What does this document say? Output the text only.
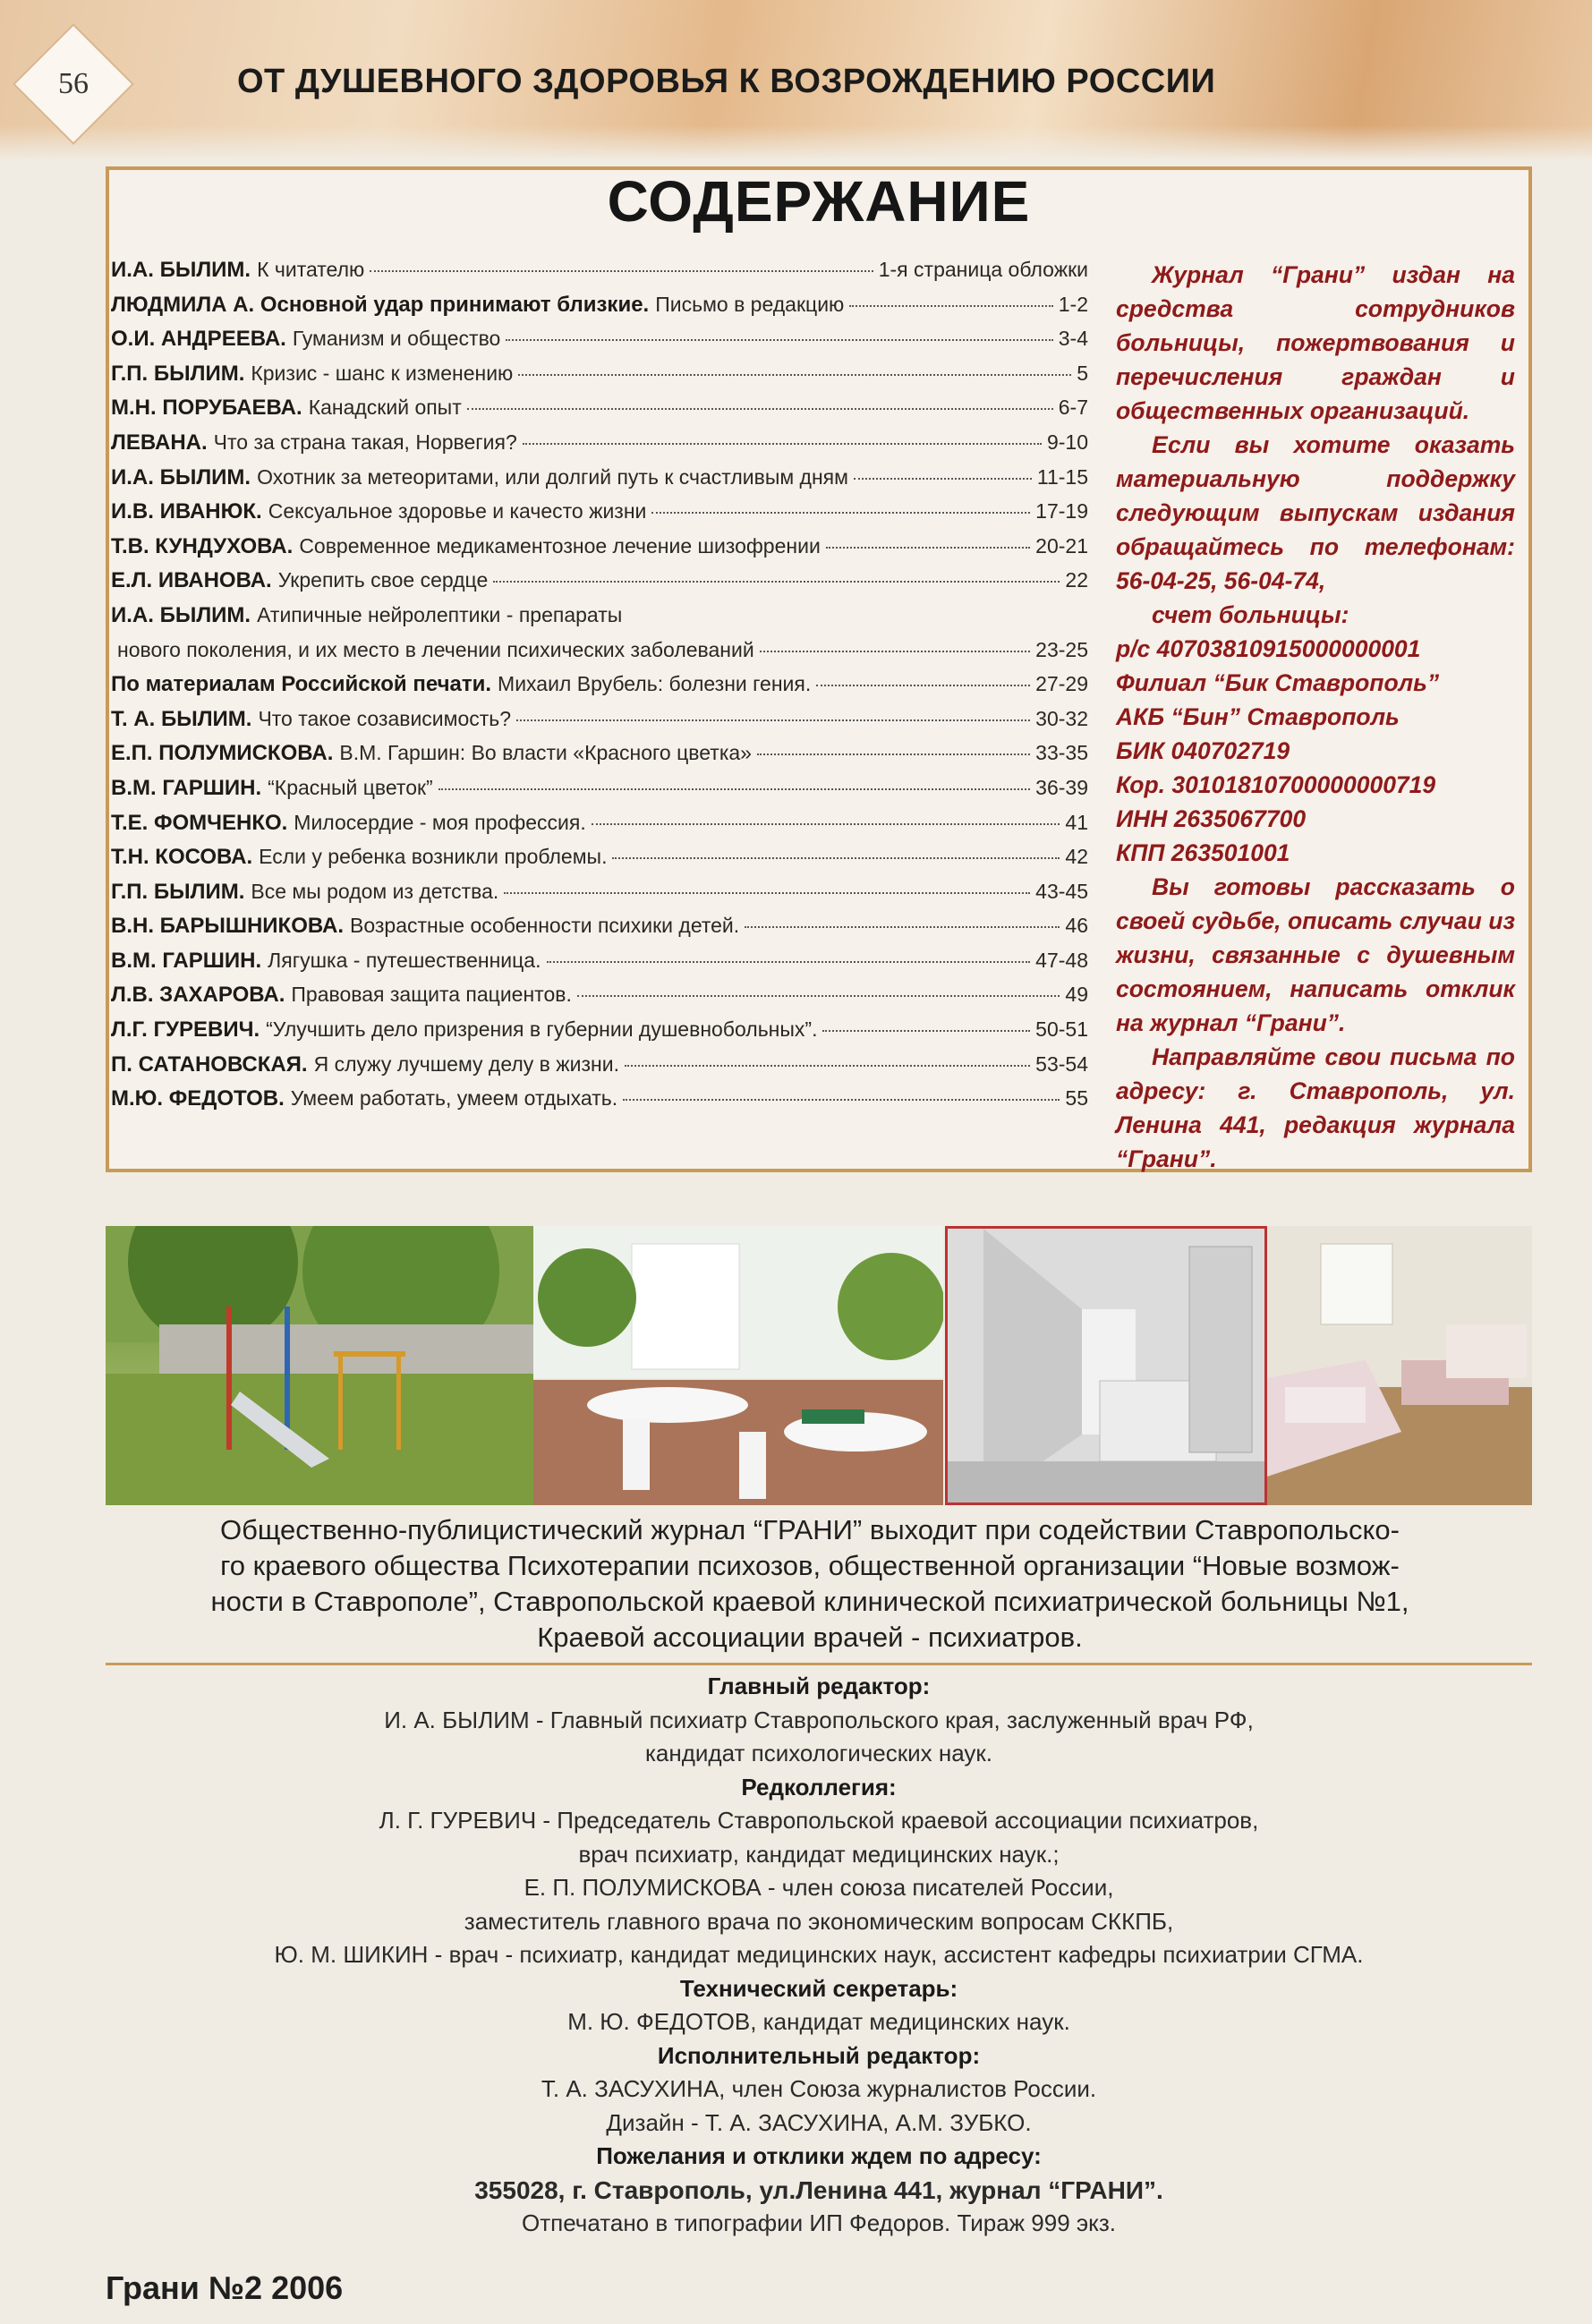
56	ОТ ДУШЕВНОГО ЗДОРОВЬЯ К ВОЗРОЖДЕНИЮ РОССИИ
СОДЕРЖАНИЕ
И.А. БЫЛИМ. К читателю	1-я страница обложки
ЛЮДМИЛА А. Основной удар принимают близкие. Письмо в редакцию	1-2
О.И. АНДРЕЕВА. Гуманизм и общество	3-4
Г.П. БЫЛИМ. Кризис - шанс к изменению	5
М.Н. ПОРУБАЕВА. Канадский опыт	6-7
ЛЕВАНА. Что за страна такая, Норвегия?	9-10
И.А. БЫЛИМ. Охотник за метеоритами, или долгий путь к счастливым дням	11-15
И.В. ИВАНЮК. Сексуальное здоровье и качесто жизни	17-19
Т.В. КУНДУХОВА. Современное медикаментозное лечение шизофрении	20-21
Е.Л. ИВАНОВА. Укрепить свое сердце	22
И.А. БЫЛИМ. Атипичные нейролептики - препараты
нового поколения, и их место в лечении психических заболеваний	23-25
По материалам Российской печати. Михаил Врубель: болезни гения.	27-29
Т. А. БЫЛИМ. Что такое созависимость?	30-32
Е.П. ПОЛУМИСКОВА. В.М. Гаршин: Во власти «Красного цветка»	33-35
В.М. ГАРШИН. “Красный цветок”	36-39
Т.Е. ФОМЧЕНКО. Милосердие - моя профессия.	41
Т.Н. КОСОВА. Если у ребенка возникли проблемы.	42
Г.П. БЫЛИМ. Все мы родом из детства.	43-45
В.Н. БАРЫШНИКОВА. Возрастные особенности психики детей.	46
В.М. ГАРШИН. Лягушка - путешественница.	47-48
Л.В. ЗАХАРОВА. Правовая защита пациентов.	49
Л.Г. ГУРЕВИЧ. “Улучшить дело призрения в губернии душевнобольных”.	50-51
П. САТАНОВСКАЯ. Я служу лучшему делу в жизни.	53-54
М.Ю. ФЕДОТОВ. Умеем работать, умеем отдыхать.	55

Журнал “Грани” издан на средства сотрудников больницы, пожертвования и перечисления граждан и общественных организаций.

Если вы хотите оказать материальную поддержку следующим выпускам издания обращайтесь по телефонам: 56-04-25, 56-04-74,

счет больницы:

р/с 40703810915000000001

Филиал “Бик Ставрополь”

АКБ “Бин” Ставрополь

БИК 040702719

Кор. 30101810700000000719

ИНН 2635067700

КПП 263501001

Вы готовы рассказать о своей судьбе, описать случаи из жизни, связанные с душевным состоянием, написать отклик на журнал “Грани”.

Направляйте свои письма по адресу: г. Ставрополь, ул. Ленина 441, редакция журнала “Грани”.

Общественно-публицистический журнал “ГРАНИ” выходит при содействии Ставропольско-
го краевого общества Психотерапии психозов, общественной организации “Новые возмож-
ности в Ставрополе”, Ставропольской краевой клинической психиатрической больницы №1,
Краевой ассоциации врачей - психиатров.
Главный редактор:
И. А. БЫЛИМ - Главный психиатр Ставропольского края, заслуженный врач РФ,
кандидат психологических наук.
Редколлегия:
Л. Г. ГУРЕВИЧ - Председатель Ставропольской краевой ассоциации психиатров,
врач психиатр, кандидат медицинских наук.;
Е. П. ПОЛУМИСКОВА - член союза писателей России,
заместитель главного врача по экономическим вопросам СККПБ,
Ю. М. ШИКИН - врач - психиатр, кандидат медицинских наук, ассистент кафедры психиатрии СГМА.
Технический секретарь:
М. Ю. ФЕДОТОВ, кандидат медицинских наук.
Исполнительный редактор:
Т. А. ЗАСУХИНА, член Союза журналистов России.
Дизайн - Т. А. ЗАСУХИНА, А.М. ЗУБКО.
Пожелания и отклики ждем по адресу:
355028, г. Ставрополь, ул.Ленина 441, журнал “ГРАНИ”.
Отпечатано в типографии ИП Федоров. Тираж 999 экз.
Грани №2 2006
